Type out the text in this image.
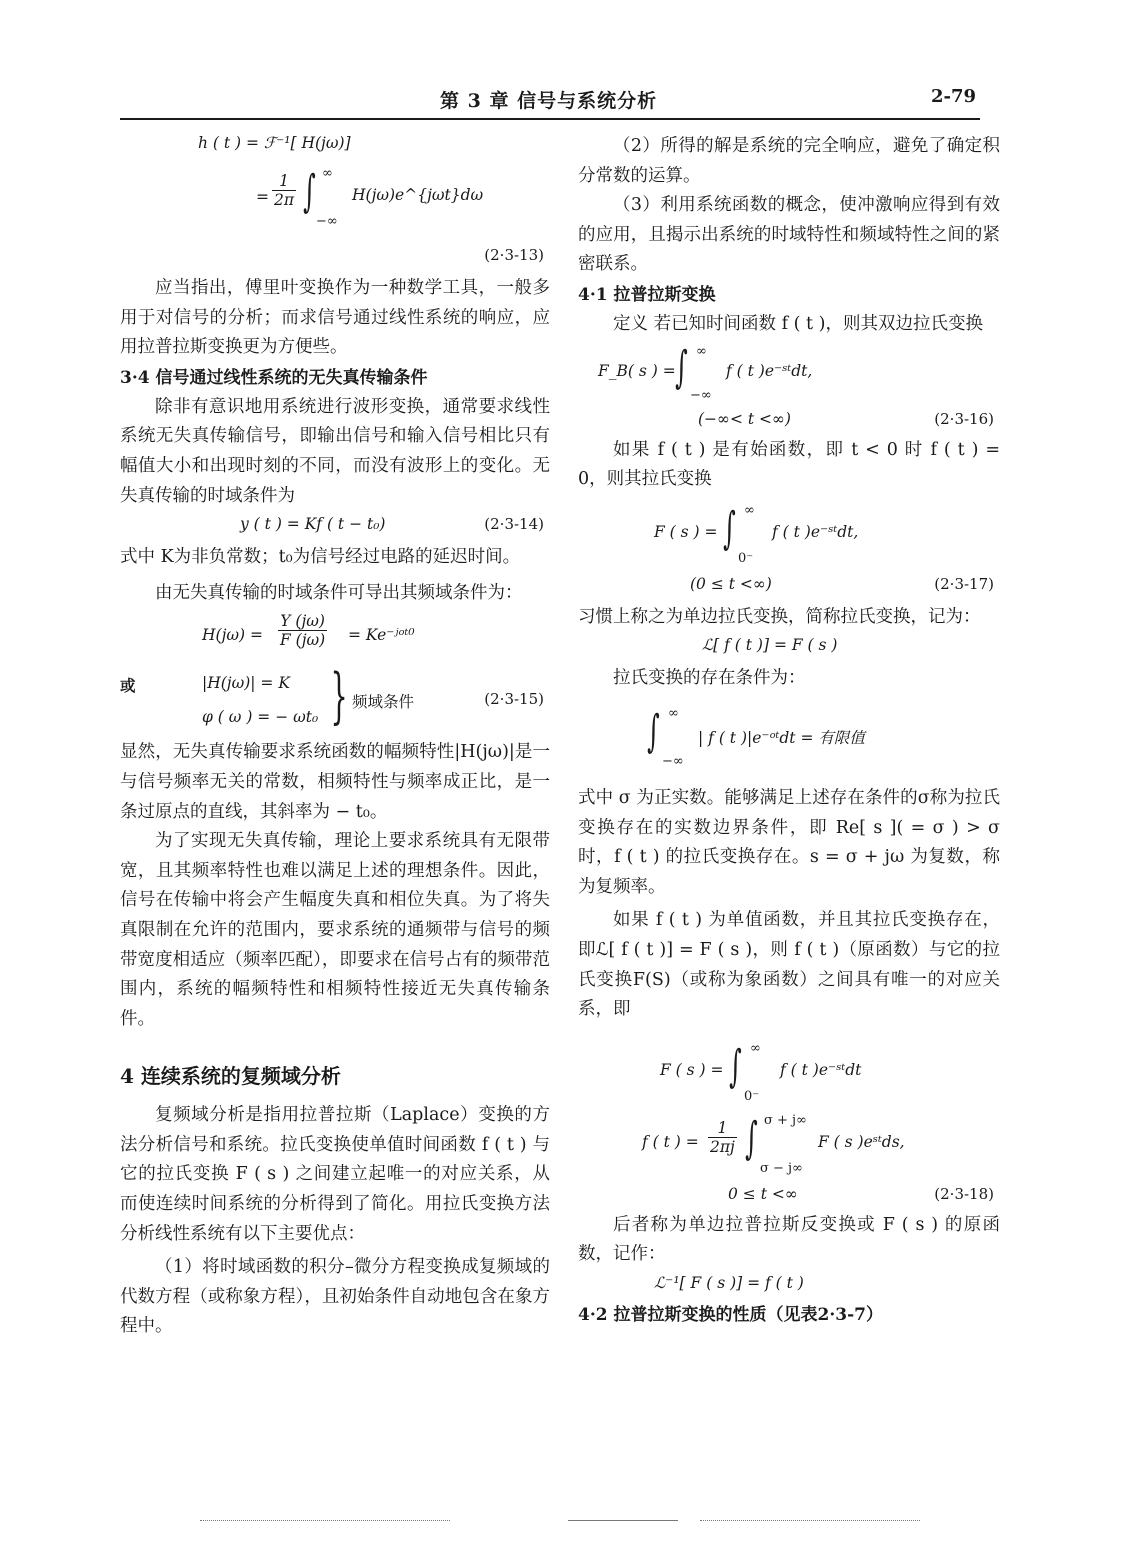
第 3 章 信号与系统分析	2-79
h ( t ) = ℱ⁻¹[ H(jω)]
= $\frac{1}{2\pi}$ ∫ ∞
−∞
H(jω)e^{jωt}dω
(2·3-13)

应当指出，傅里叶变换作为一种数学工具，一般多用于对信号的分析；而求信号通过线性系统的响应，应用拉普拉斯变换更为方便些。

3·4 信号通过线性系统的无失真传输条件

除非有意识地用系统进行波形变换，通常要求线性系统无失真传输信号，即输出信号和输入信号相比只有幅值大小和出现时刻的不同，而没有波形上的变化。无失真传输的时域条件为

y ( t ) = Kf ( t − t₀)	(2·3-14)

式中 K为非负常数；t₀为信号经过电路的延迟时间。

由无失真传输的时域条件可导出其频域条件为：

$H(j\omega) = \frac{Y (j\omega)}{F (j\omega)}$ = Ke⁻ʲᵒᵗ⁰
或	|H(jω)| = K
φ ( ω ) = − ωt₀ } 频域条件	(2·3-15)

显然，无失真传输要求系统函数的幅频特性|H(jω)|是一与信号频率无关的常数，相频特性与频率成正比，是一条过原点的直线，其斜率为 − t₀。

为了实现无失真传输，理论上要求系统具有无限带宽，且其频率特性也难以满足上述的理想条件。因此，信号在传输中将会产生幅度失真和相位失真。为了将失真限制在允许的范围内，要求系统的通频带与信号的频带宽度相适应（频率匹配），即要求在信号占有的频带范围内，系统的幅频特性和相频特性接近无失真传输条件。

4 连续系统的复频域分析

复频域分析是指用拉普拉斯（Laplace）变换的方法分析信号和系统。拉氏变换使单值时间函数 f ( t ) 与它的拉氏变换 F ( s ) 之间建立起唯一的对应关系，从而使连续时间系统的分析得到了简化。用拉氏变换方法分析线性系统有以下主要优点：

（1）将时域函数的积分–微分方程变换成复频域的代数方程（或称象方程），且初始条件自动地包含在象方程中。

（2）所得的解是系统的完全响应，避免了确定积分常数的运算。

（3）利用系统函数的概念，使冲激响应得到有效的应用，且揭示出系统的时域特性和频域特性之间的紧密联系。

4·1 拉普拉斯变换

定义 若已知时间函数 f ( t )，则其双边拉氏变换

F_B( s ) = ∫ ∞
−∞
f ( t )e⁻ˢᵗdt,
(−∞< t <∞)	(2·3-16)

如果 f ( t ) 是有始函数，即 t < 0 时 f ( t ) = 0，则其拉氏变换

F ( s ) = ∫ ∞
0⁻
f ( t )e⁻ˢᵗdt,
(0 ≤ t <∞)	(2·3-17)

习惯上称之为单边拉氏变换，简称拉氏变换，记为：

ℒ[ f ( t )] = F ( s )

拉氏变换的存在条件为：

∫ ∞
−∞
| f ( t )|e⁻ᵒᵗdt = 有限值

式中 σ 为正实数。能够满足上述存在条件的σ称为拉氏变换存在的实数边界条件，即 Re[ s ]( = σ ) > σ 时，f ( t ) 的拉氏变换存在。s = σ + jω 为复数，称为复频率。

如果 f ( t ) 为单值函数，并且其拉氏变换存在，即ℒ[ f ( t )] = F ( s )，则 f ( t )（原函数）与它的拉氏变换F(S)（或称为象函数）之间具有唯一的对应关系，即

F ( s ) = ∫ ∞
0⁻
f ( t )e⁻ˢᵗdt
f ( t ) = $\frac{1}{2\pi j}$ ∫ σ + j∞
σ − j∞
F ( s )eˢᵗds,
0 ≤ t <∞	(2·3-18)

后者称为单边拉普拉斯反变换或 F ( s ) 的原函数，记作：

ℒ⁻¹[ F ( s )] = f ( t )

4·2 拉普拉斯变换的性质（见表2·3-7）
